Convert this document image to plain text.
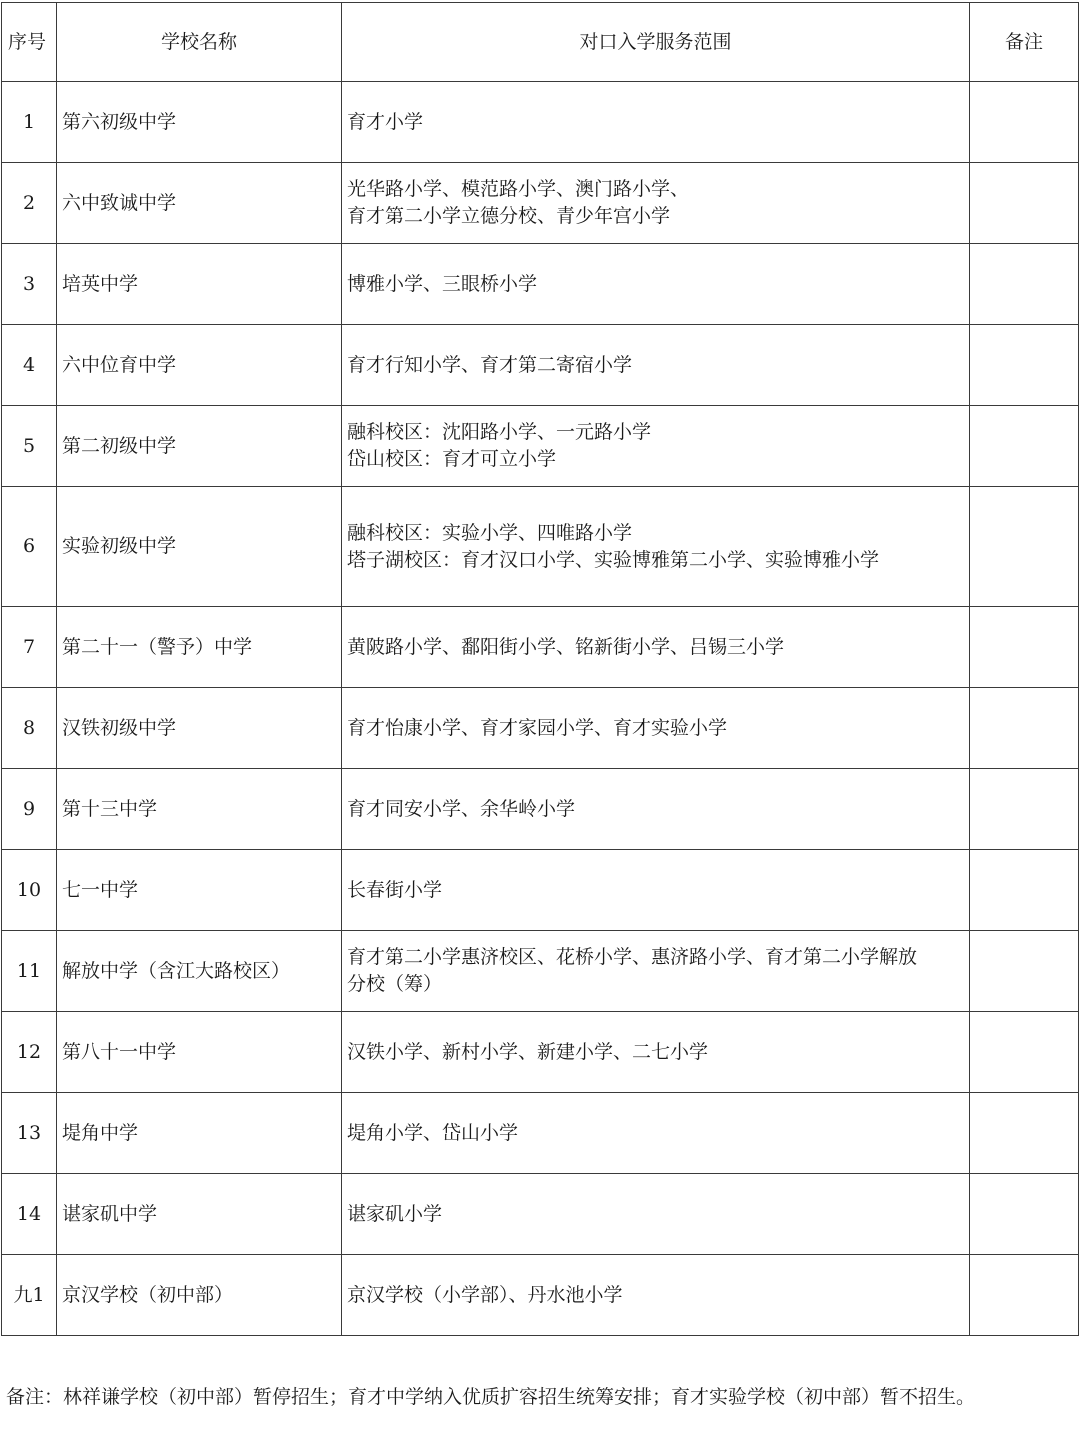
序号	学校名称	对口入学服务范围	备注
1	第六初级中学	育才小学	

2	六中致诚中学	光华路小学、模范路小学、澳门路小学、
育才第二小学立德分校、青少年宫小学	

3	培英中学	博雅小学、三眼桥小学	

4	六中位育中学	育才行知小学、育才第二寄宿小学	

5	第二初级中学	融科校区：沈阳路小学、一元路小学
岱山校区：育才可立小学	

6	实验初级中学	融科校区：实验小学、四唯路小学
塔子湖校区：育才汉口小学、实验博雅第二小学、实验博雅小学	

7	第二十一（警予）中学	黄陂路小学、鄱阳街小学、铭新街小学、吕锡三小学	

8	汉铁初级中学	育才怡康小学、育才家园小学、育才实验小学	

9	第十三中学	育才同安小学、余华岭小学	

10	七一中学	长春街小学	

11	解放中学（含江大路校区）	育才第二小学惠济校区、花桥小学、惠济路小学、育才第二小学解放
分校（筹）	

12	第八十一中学	汉铁小学、新村小学、新建小学、二七小学	

13	堤角中学	堤角小学、岱山小学	

14	谌家矶中学	谌家矶小学	

九1	京汉学校（初中部）	京汉学校（小学部）、丹水池小学	

备注：林祥谦学校（初中部）暂停招生；育才中学纳入优质扩容招生统筹安排；育才实验学校（初中部）暂不招生。
